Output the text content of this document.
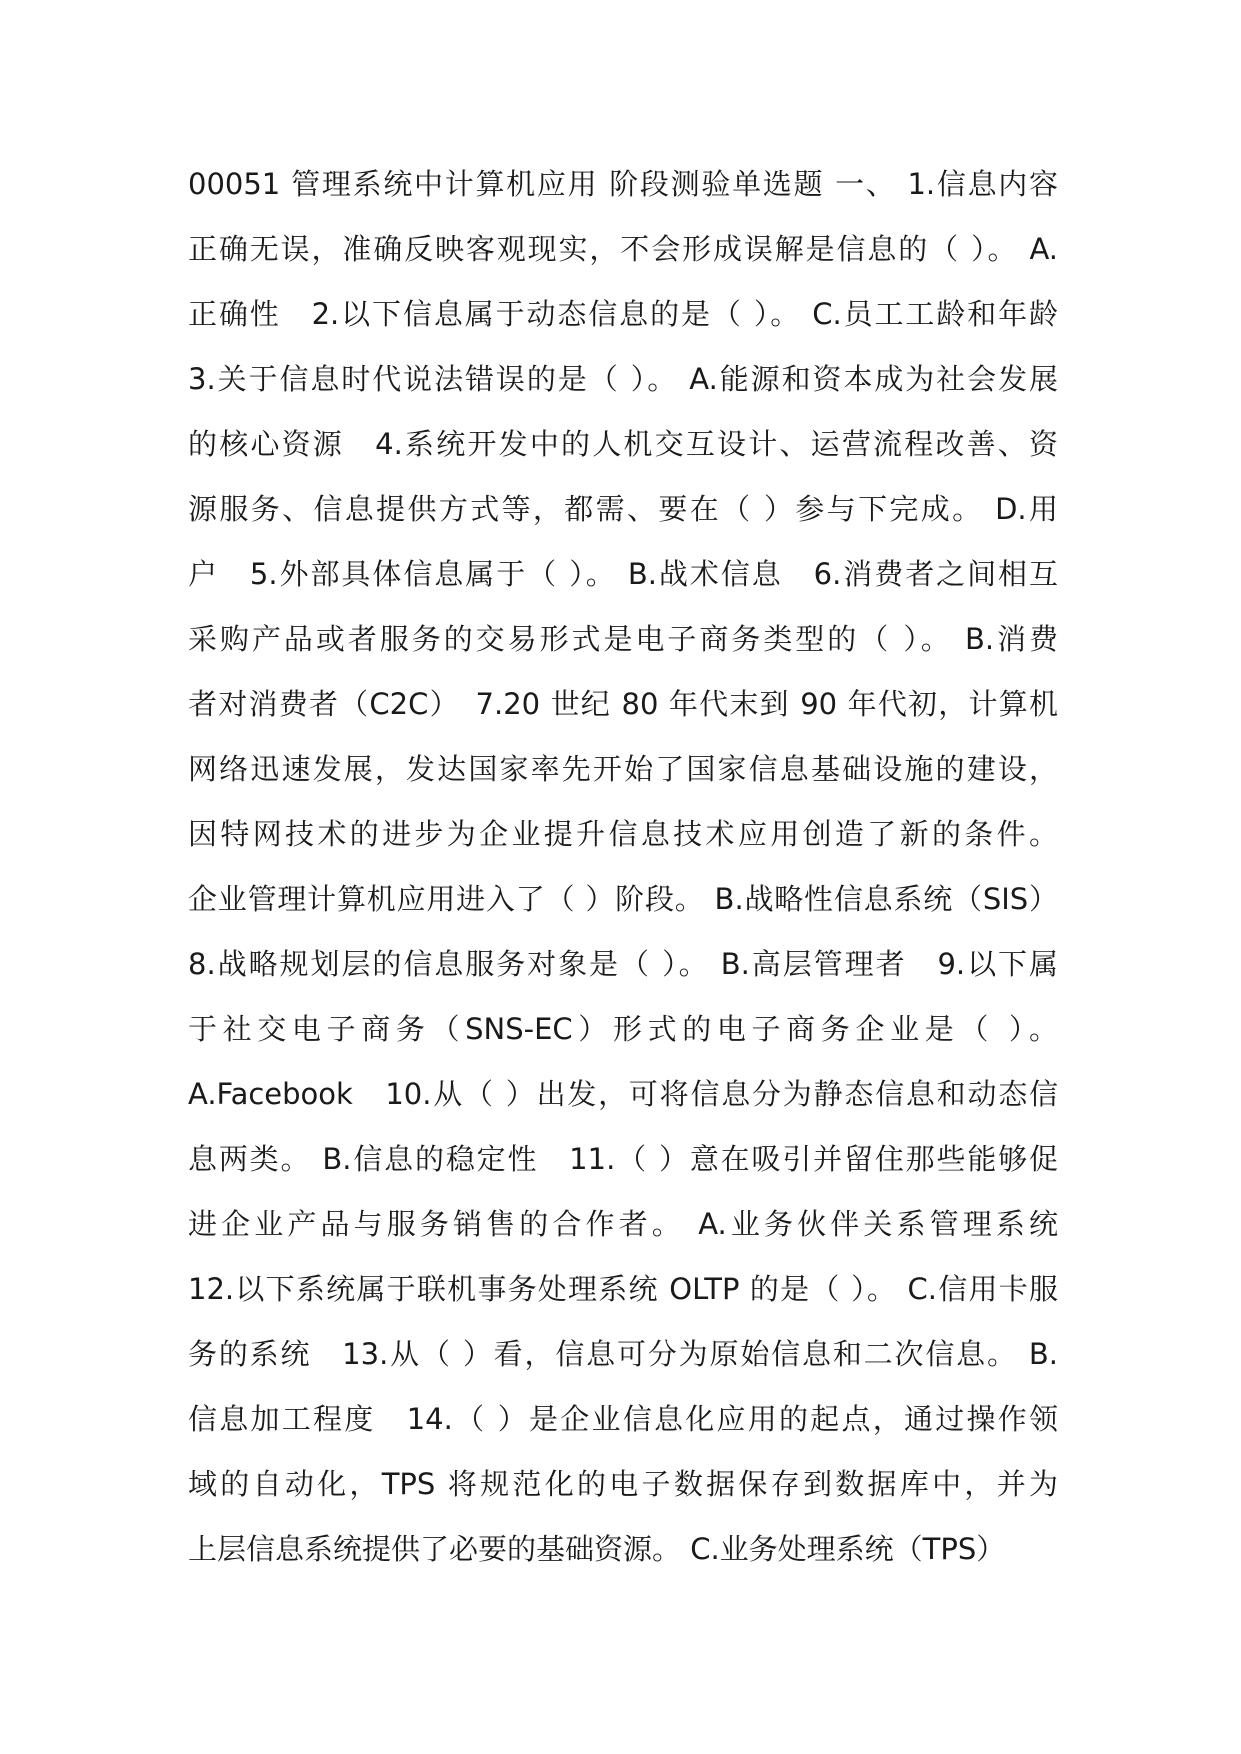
00051 管理系统中计算机应用 阶段测验单选题 一、 1.信息内容
正确无误，准确反映客观现实，不会形成误解是信息的（ ）。 A.
正确性　2.以下信息属于动态信息的是（ ）。 C.员工工龄和年龄
3.关于信息时代说法错误的是（ ）。 A.能源和资本成为社会发展
的核心资源　4.系统开发中的人机交互设计、运营流程改善、资
源服务、信息提供方式等，都需、要在（ ）参与下完成。 D.用
户　5.外部具体信息属于（ ）。 B.战术信息　6.消费者之间相互
采购产品或者服务的交易形式是电子商务类型的（ ）。 B.消费
者对消费者（C2C）　7.20 世纪 80 年代末到 90 年代初，计算机
网络迅速发展，发达国家率先开始了国家信息基础设施的建设，
因特网技术的进步为企业提升信息技术应用创造了新的条件。
企业管理计算机应用进入了（ ）阶段。 B.战略性信息系统（SIS）
8.战略规划层的信息服务对象是（ ）。 B.高层管理者　9.以下属
于社交电子商务（SNS-EC）形式的电子商务企业是（ ）。
A.Facebook　10.从（ ）出发，可将信息分为静态信息和动态信
息两类。 B.信息的稳定性　11.（ ）意在吸引并留住那些能够促
进企业产品与服务销售的合作者。 A.业务伙伴关系管理系统
12.以下系统属于联机事务处理系统 OLTP 的是（ ）。 C.信用卡服
务的系统　13.从（ ）看，信息可分为原始信息和二次信息。 B.
信息加工程度　14.（ ）是企业信息化应用的起点，通过操作领
域的自动化，TPS 将规范化的电子数据保存到数据库中，并为
上层信息系统提供了必要的基础资源。 C.业务处理系统（TPS）
